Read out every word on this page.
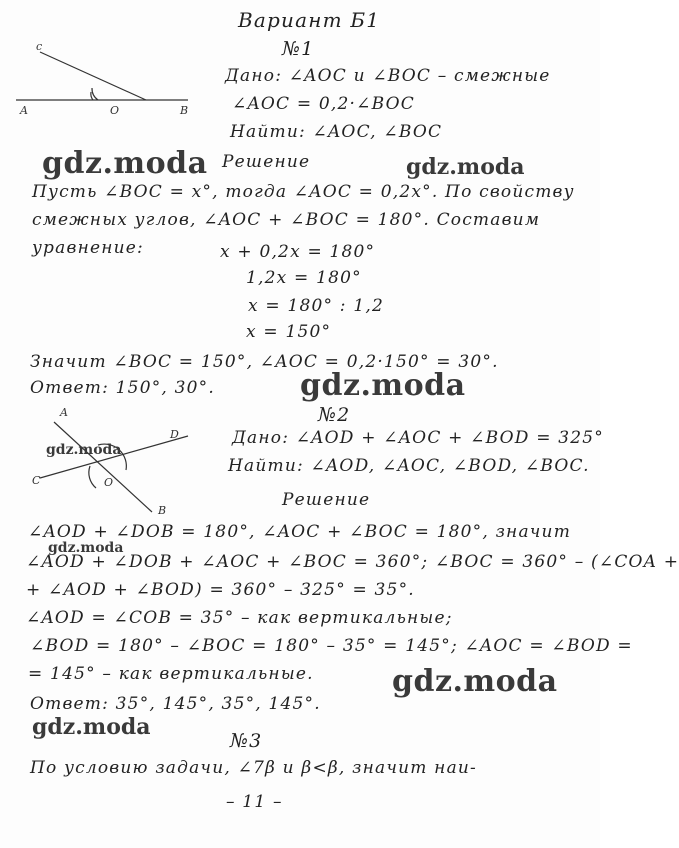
Вариант Б1
№1
c
A	O	B
Дано: ∠AOC и ∠BOC – смежные
∠AOC = 0,2·∠BOC
Найти: ∠AOC, ∠BOC
gdz.moda Решение	gdz.moda
Пусть ∠BOC = x°, тогда ∠AOC = 0,2x°. По свойству
смежных углов, ∠AOC + ∠BOC = 180°. Составим
уравнение:	x + 0,2x = 180°
1,2x = 180°
x = 180° : 1,2
x = 150°
Значит ∠BOC = 150°, ∠AOC = 0,2·150° = 30°.
Ответ: 150°, 30°.	gdz.moda
№2
A
D
C	O
B
gdz.moda
Дано: ∠AOD + ∠AOC + ∠BOD = 325°
Найти: ∠AOD, ∠AOC, ∠BOD, ∠BOC.
Решение
∠AOD + ∠DOB = 180°, ∠AOC + ∠BOC = 180°, значит
gdz.moda
∠AOD + ∠DOB + ∠AOC + ∠BOC = 360°; ∠BOC = 360° – (∠COA +
+ ∠AOD + ∠BOD) = 360° – 325° = 35°.
∠AOD = ∠COB = 35° – как вертикальные;
∠BOD = 180° – ∠BOC = 180° – 35° = 145°; ∠AOC = ∠BOD =
= 145° – как вертикальные.	gdz.moda
Ответ: 35°, 145°, 35°, 145°.
gdz.moda
№3
По условию задачи, ∠7β и β<β, значит наи-
– 11 –
